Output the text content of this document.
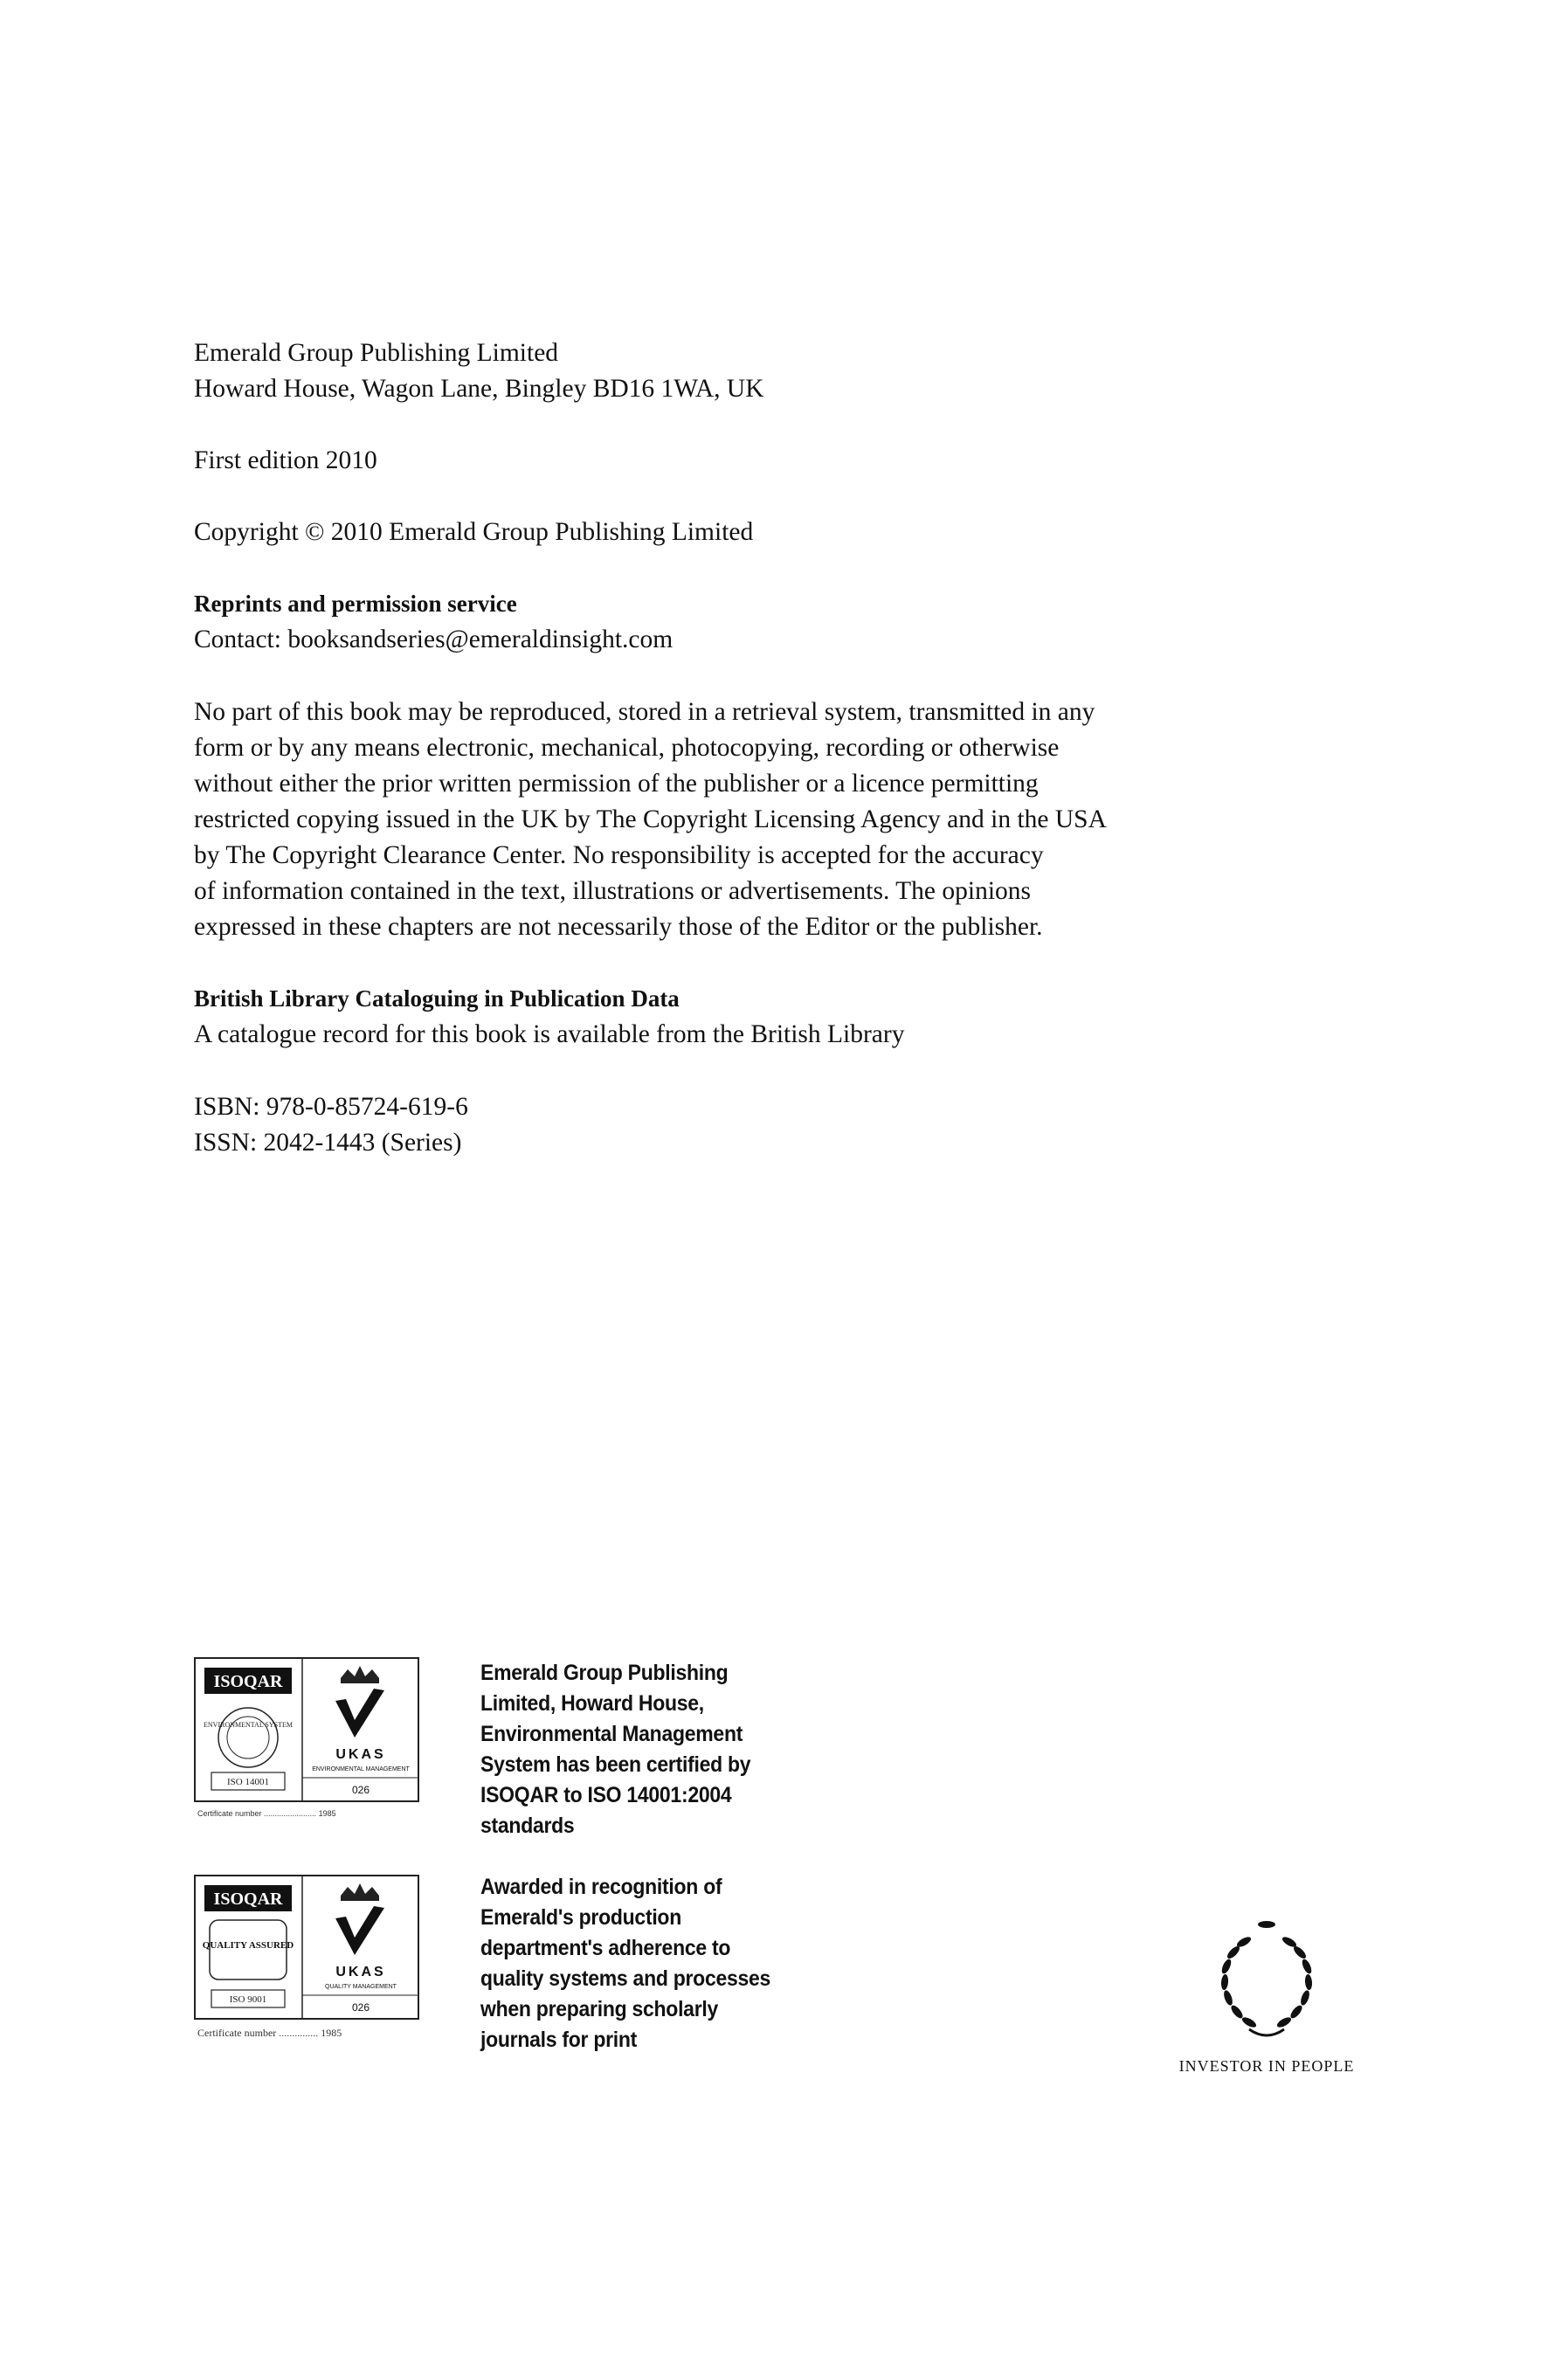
Emerald Group Publishing Limited
Howard House, Wagon Lane, Bingley BD16 1WA, UK
First edition 2010
Copyright © 2010 Emerald Group Publishing Limited
Reprints and permission service
Contact: booksandseries@emeraldinsight.com
No part of this book may be reproduced, stored in a retrieval system, transmitted in any
form or by any means electronic, mechanical, photocopying, recording or otherwise
without either the prior written permission of the publisher or a licence permitting
restricted copying issued in the UK by The Copyright Licensing Agency and in the USA
by The Copyright Clearance Center. No responsibility is accepted for the accuracy
of information contained in the text, illustrations or advertisements. The opinions
expressed in these chapters are not necessarily those of the Editor or the publisher.
British Library Cataloguing in Publication Data
A catalogue record for this book is available from the British Library
ISBN: 978-0-85724-619-6
ISSN: 2042-1443 (Series)
ISOQAR
ENVIRONMENTAL SYSTEM
ISO 14001
UKAS
ENVIRONMENTAL MANAGEMENT
026
Certificate number ........................ 1985
Emerald Group Publishing
Limited, Howard House,
Environmental Management
System has been certified by
ISOQAR to ISO 14001:2004
standards
ISOQAR
QUALITY ASSURED
ISO 9001
UKAS
QUALITY MANAGEMENT
026
Certificate number ............... 1985
Awarded in recognition of
Emerald's production
department's adherence to
quality systems and processes
when preparing scholarly
journals for print
INVESTOR IN PEOPLE
